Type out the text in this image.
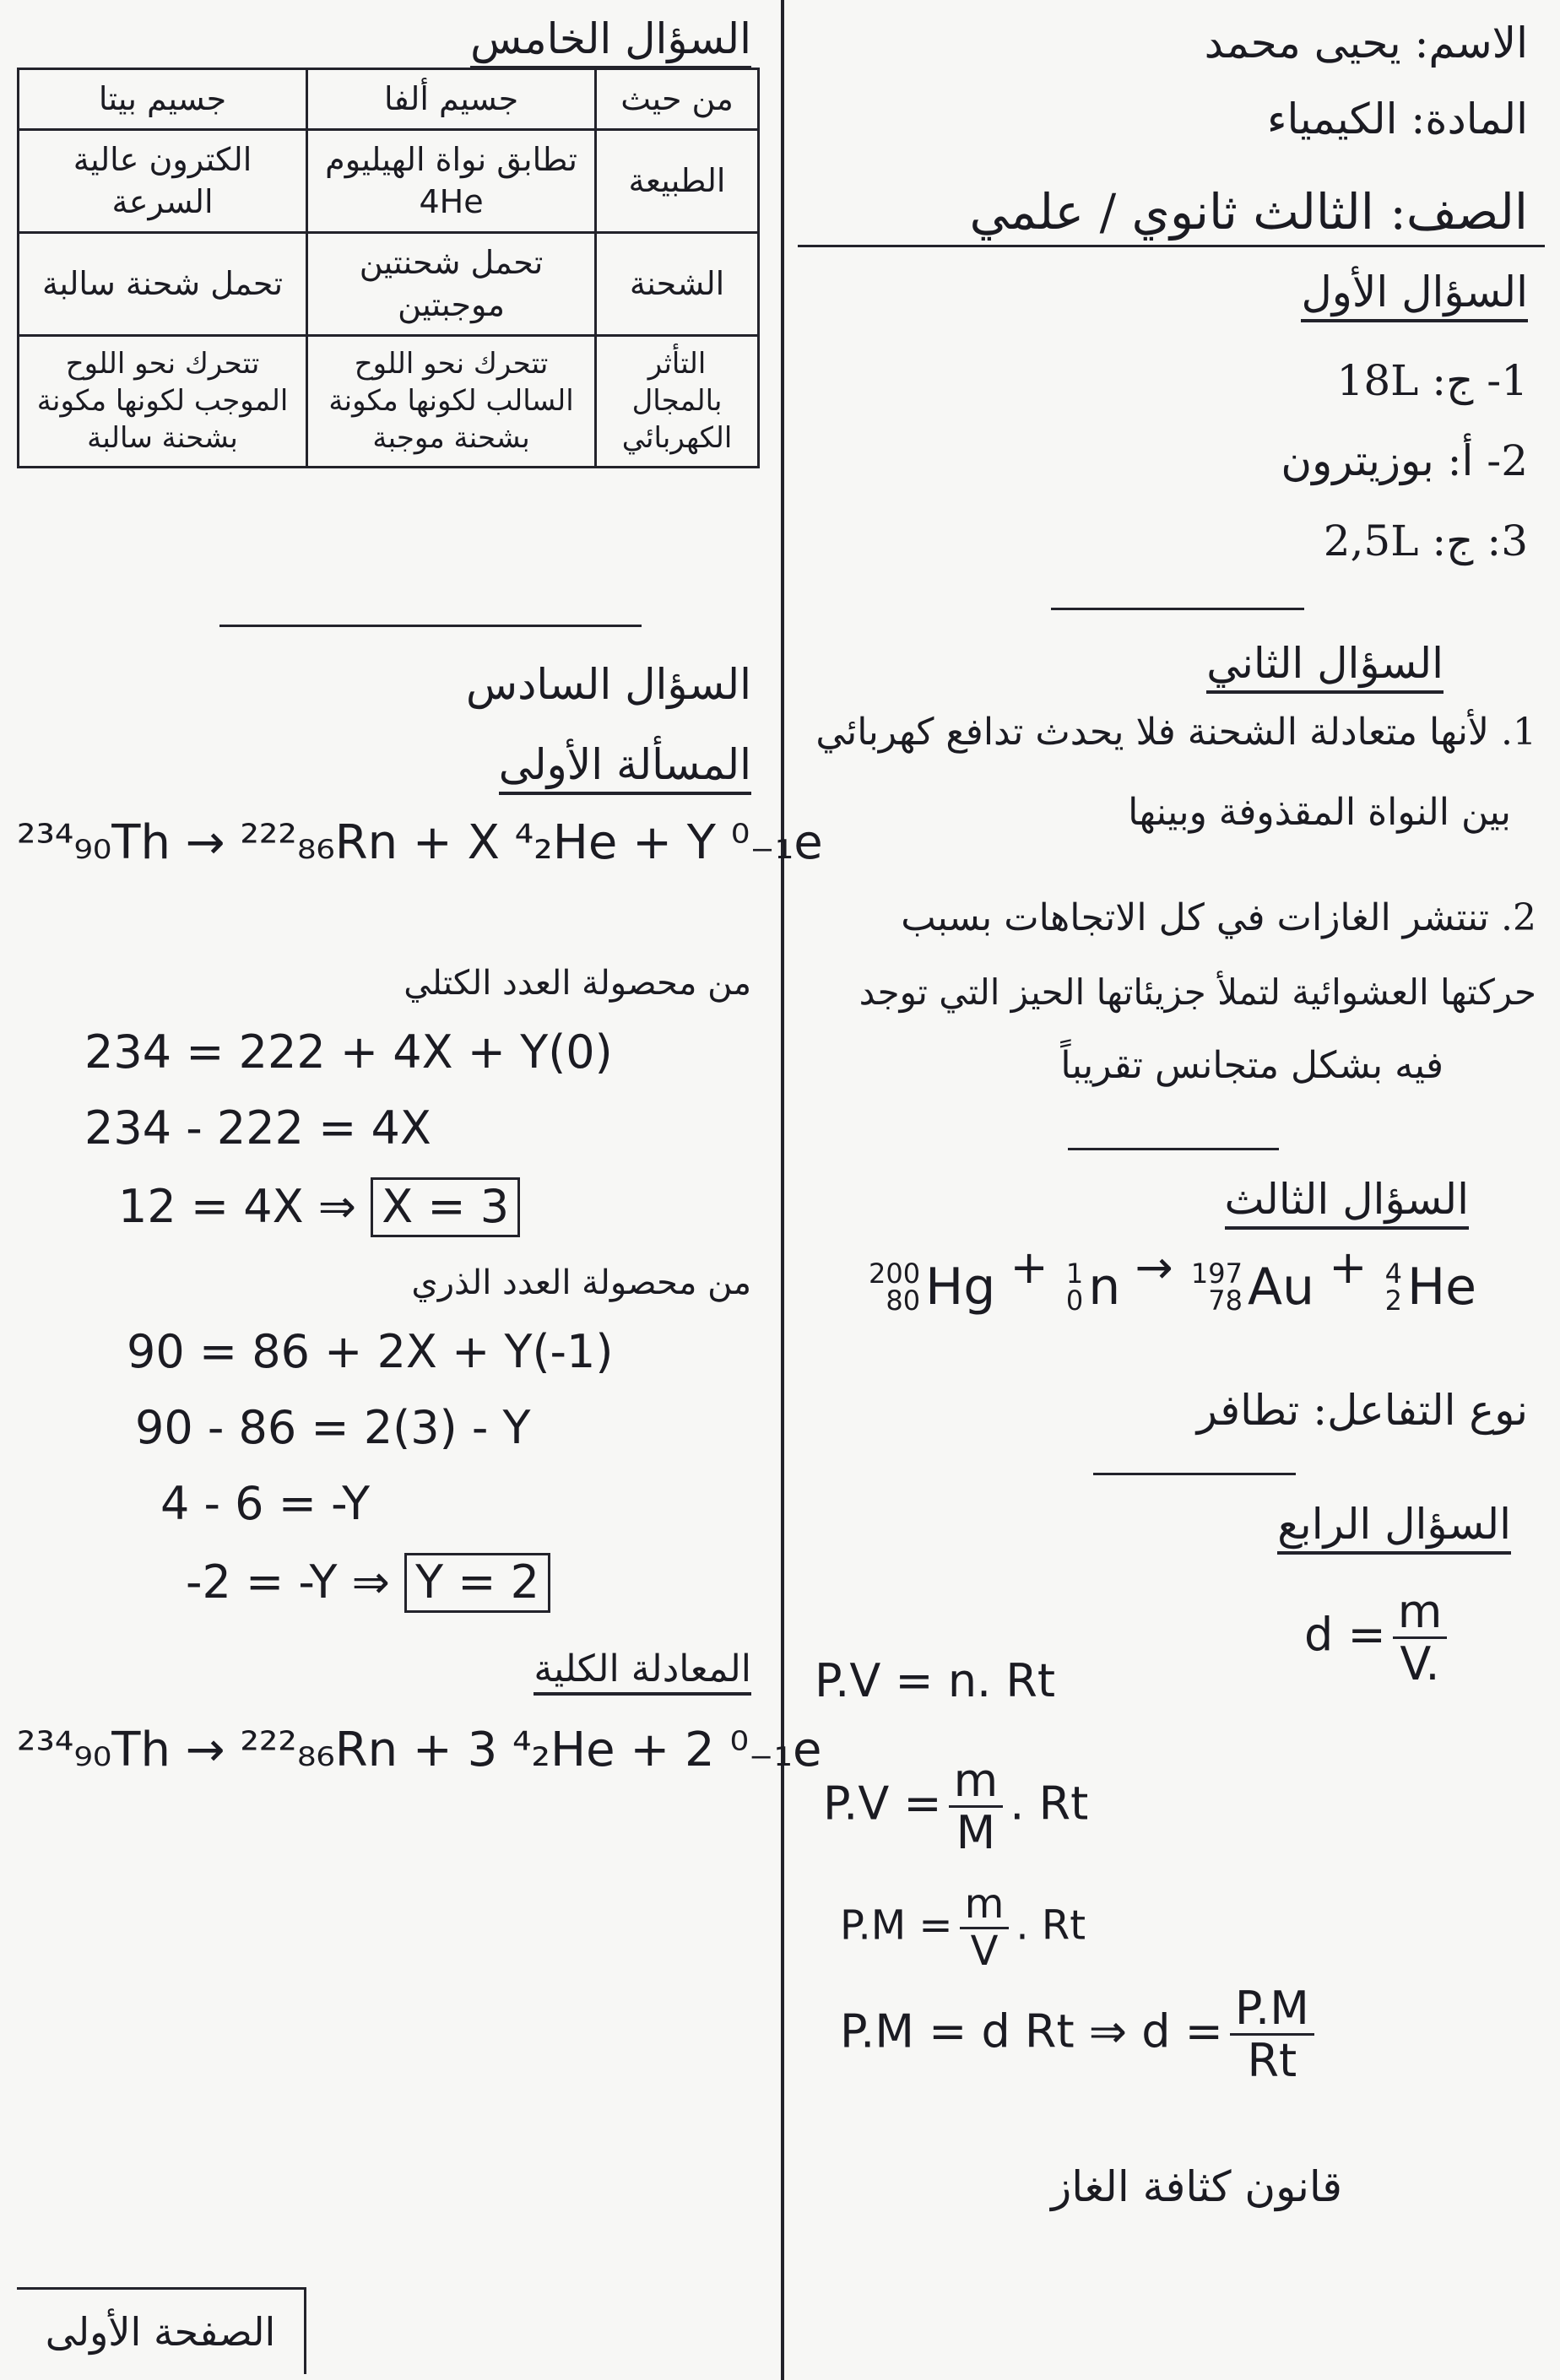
الاسم: يحيى محمد
المادة: الكيمياء
الصف: الثالث ثانوي / علمي
السؤال الأول
1- ج: 18L
2- أ: بوزيترون
3: ج: 2,5L
السؤال الثاني
1. لأنها متعادلة الشحنة فلا يحدث تدافع كهربائي
بين النواة المقذوفة وبينها
2. تنتشر الغازات في كل الاتجاهات بسبب
حركتها العشوائية لتملأ جزيئاتها الحيز التي توجد
فيه بشكل متجانس تقريباً
السؤال الثالث
200
80 Hg + 1
0 n → 197
78 Au + 4
2 He
نوع التفاعل: تطافر
السؤال الرابع
$d = \frac{m}{V.}$
P.V = n. Rt
$P.V = \frac{m}{M}$ . Rt
$P.M = \frac{m}{V}$ . Rt
P.M = d Rt ⇒ $d = \frac{P.M}{Rt}$
قانون كثافة الغاز
السؤال الخامس
من حيث	جسيم ألفا	جسيم بيتا
الطبيعة	تطابق نواة الهيليوم 4He	الكترون عالية السرعة
الشحنة	تحمل شحنتين موجبتين	تحمل شحنة سالبة
التأثر بالمجال الكهربائي	تتحرك نحو اللوح السالب لكونها مكونة بشحنة موجبة	تتحرك نحو اللوح الموجب لكونها مكونة بشحنة سالبة
السؤال السادس
المسألة الأولى
²³⁴₉₀Th → ²²²₈₆Rn + X ⁴₂He + Y ⁰₋₁e
من محصولة العدد الكتلي
234 = 222 + 4X + Y(0)
234 - 222 = 4X
12 = 4X ⇒ X = 3
من محصولة العدد الذري
90 = 86 + 2X + Y(-1)
90 - 86 = 2(3) - Y
4 - 6 = -Y
-2 = -Y ⇒ Y = 2
المعادلة الكلية
²³⁴₉₀Th → ²²²₈₆Rn + 3 ⁴₂He + 2 ⁰₋₁e
الصفحة الأولى
